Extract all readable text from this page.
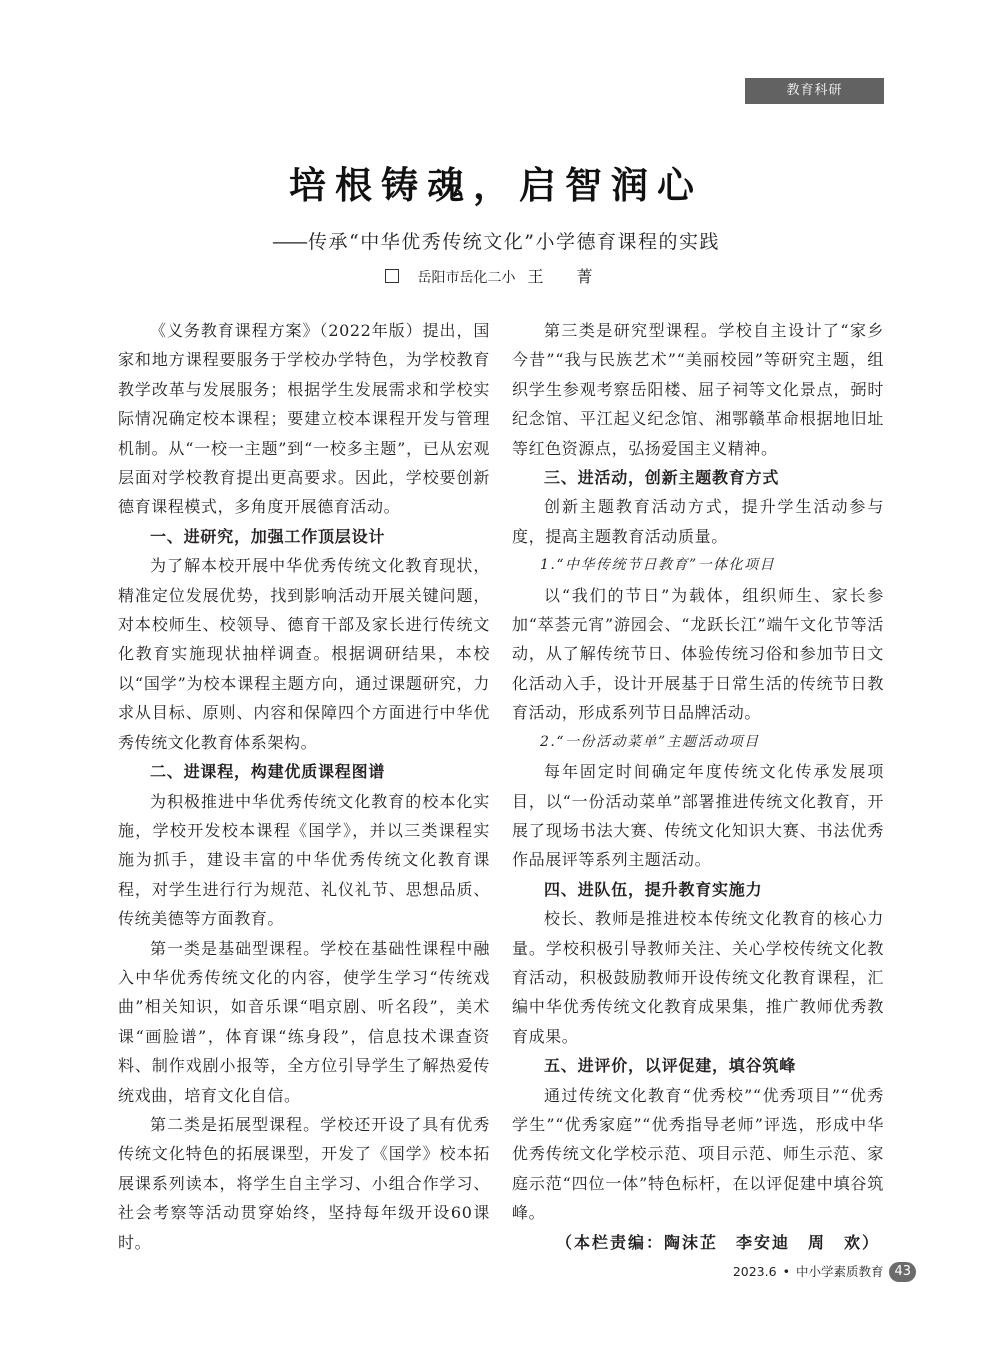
教育科研
培根铸魂，启智润心
—— 传承“中华优秀传统文化”小学德育课程的实践
岳阳市岳化二小 王 菁

《义务教育课程方案》（2022年版）提出，国家和地方课程要服务于学校办学特色，为学校教育教学改革与发展服务；根据学生发展需求和学校实际情况确定校本课程；要建立校本课程开发与管理机制。从“一校一主题”到“一校多主题”，已从宏观层面对学校教育提出更高要求。因此，学校要创新德育课程模式，多角度开展德育活动。

一、进研究，加强工作顶层设计

为了解本校开展中华优秀传统文化教育现状，精准定位发展优势，找到影响活动开展关键问题，对本校师生、校领导、德育干部及家长进行传统文化教育实施现状抽样调查。根据调研结果，本校以“国学”为校本课程主题方向，通过课题研究，力求从目标、原则、内容和保障四个方面进行中华优秀传统文化教育体系架构。

二、进课程，构建优质课程图谱

为积极推进中华优秀传统文化教育的校本化实施，学校开发校本课程《国学》，并以三类课程实施为抓手，建设丰富的中华优秀传统文化教育课程，对学生进行行为规范、礼仪礼节、思想品质、传统美德等方面教育。

第一类是基础型课程。学校在基础性课程中融入中华优秀传统文化的内容，使学生学习“传统戏曲”相关知识，如音乐课“唱京剧、听名段”，美术课“画脸谱”，体育课“练身段”，信息技术课查资料、制作戏剧小报等，全方位引导学生了解热爱传统戏曲，培育文化自信。

第二类是拓展型课程。学校还开设了具有优秀传统文化特色的拓展课型，开发了《国学》校本拓展课系列读本，将学生自主学习、小组合作学习、社会考察等活动贯穿始终，坚持每年级开设60课时。

第三类是研究型课程。学校自主设计了“家乡今昔”“我与民族艺术”“美丽校园”等研究主题，组织学生参观考察岳阳楼、屈子祠等文化景点，弼时纪念馆、平江起义纪念馆、湘鄂赣革命根据地旧址等红色资源点，弘扬爱国主义精神。

三、进活动，创新主题教育方式

创新主题教育活动方式，提升学生活动参与度，提高主题教育活动质量。

1.“中华传统节日教育”一体化项目

以“我们的节日”为载体，组织师生、家长参加“萃荟元宵”游园会、“龙跃长江”端午文化节等活动，从了解传统节日、体验传统习俗和参加节日文化活动入手，设计开展基于日常生活的传统节日教育活动，形成系列节日品牌活动。

2.“一份活动菜单”主题活动项目

每年固定时间确定年度传统文化传承发展项目，以“一份活动菜单”部署推进传统文化教育，开展了现场书法大赛、传统文化知识大赛、书法优秀作品展评等系列主题活动。

四、进队伍，提升教育实施力

校长、教师是推进校本传统文化教育的核心力量。学校积极引导教师关注、关心学校传统文化教育活动，积极鼓励教师开设传统文化教育课程，汇编中华优秀传统文化教育成果集，推广教师优秀教育成果。

五、进评价，以评促建，填谷筑峰

通过传统文化教育“优秀校”“优秀项目”“优秀学生”“优秀家庭”“优秀指导老师”评选，形成中华优秀传统文化学校示范、项目示范、师生示范、家庭示范“四位一体”特色标杆，在以评促建中填谷筑峰。

（本栏责编：陶沫芷　李安迪　周　欢）
2023.6 • 中小学素质教育 43
